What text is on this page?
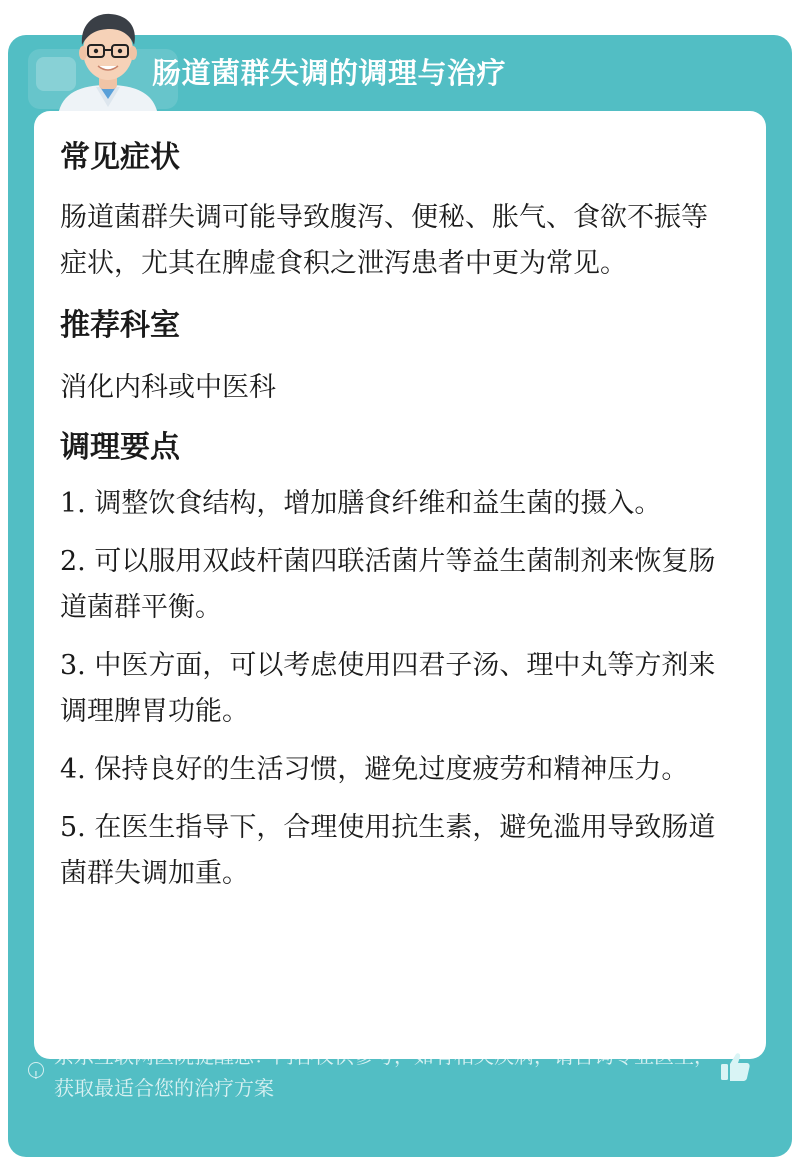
肠道菌群失调的调理与治疗
常见症状

肠道菌群失调可能导致腹泻、便秘、胀气、食欲不振等症状，尤其在脾虚食积之泄泻患者中更为常见。

推荐科室

消化内科或中医科

调理要点
1. 调整饮食结构，增加膳食纤维和益生菌的摄入。
2. 可以服用双歧杆菌四联活菌片等益生菌制剂来恢复肠道菌群平衡。
3. 中医方面，可以考虑使用四君子汤、理中丸等方剂来调理脾胃功能。
4. 保持良好的生活习惯，避免过度疲劳和精神压力。
5. 在医生指导下，合理使用抗生素，避免滥用导致肠道菌群失调加重。
!
京东互联网医院提醒您：内容仅供参考，如有相关疾病，请咨询专业医生，获取最适合您的治疗方案
